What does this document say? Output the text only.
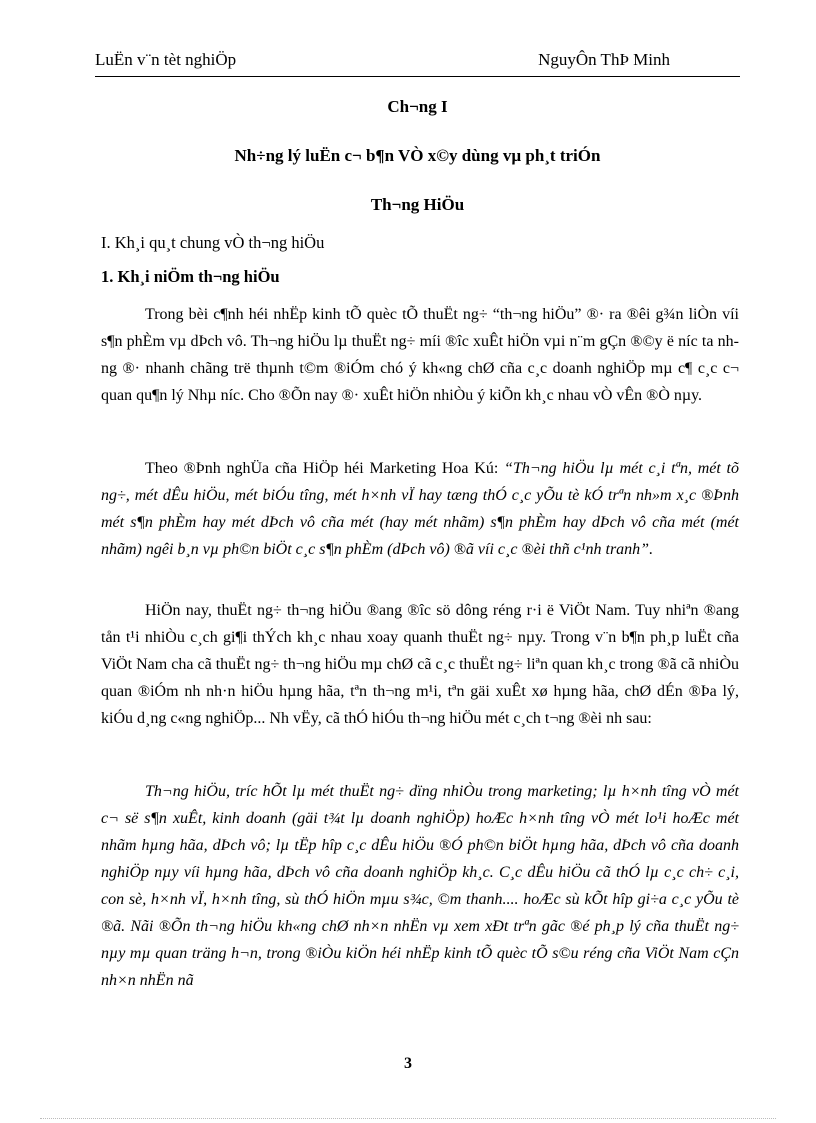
LuËn v¨n tèt nghiÖp	NguyÔn ThÞ Minh
Ch¬ng I
Nh÷ng lý luËn c¬ b¶n VÒ x©y dùng vµ ph¸t triÓn
Th¬ng HiÖu
I. Kh¸i qu¸t chung vÒ th¬ng hiÖu
1. Kh¸i niÖm th¬ng hiÖu

Trong bèi c¶nh héi nhËp kinh tÕ quèc tÕ thuËt ng÷ “th¬ng hiÖu” ®· ra ®êi g¾n liÒn víi s¶n phÈm vµ dÞch vô. Th¬ng hiÖu lµ thuËt ng÷ míi ®îc xuÊt hiÖn vµi n¨m gÇn ®©y ë níc ta nhng ®· nhanh chãng trë thµnh t©m ®iÓm chó ý kh«ng chØ cña c¸c doanh nghiÖp mµ c¶ c¸c c¬ quan qu¶n lý Nhµ níc. Cho ®Õn nay ®· xuÊt hiÖn nhiÒu ý kiÕn kh¸c nhau vÒ vÊn ®Ò nµy.

Theo ®Þnh nghÜa cña HiÖp héi Marketing Hoa Kú: “Th¬ng hiÖu lµ mét c¸i tªn, mét tõ ng÷, mét dÊu hiÖu, mét biÓu tîng, mét h×nh vÏ hay tæng thÓ c¸c yÕu tè kÓ trªn nh»m x¸c ®Þnh mét s¶n phÈm hay mét dÞch vô cña mét (hay mét nhãm) s¶n phÈm hay dÞch vô cña mét (mét nhãm) ngêi b¸n vµ ph©n biÖt c¸c s¶n phÈm (dÞch vô) ®ã víi c¸c ®èi thñ c¹nh tranh”.

HiÖn nay, thuËt ng÷ th¬ng hiÖu ®ang ®îc sö dông réng r·i ë ViÖt Nam. Tuy nhiªn ®ang tån t¹i nhiÒu c¸ch gi¶i thÝch kh¸c nhau xoay quanh thuËt ng÷ nµy. Trong v¨n b¶n ph¸p luËt cña ViÖt Nam cha cã thuËt ng÷ th¬ng hiÖu mµ chØ cã c¸c thuËt ng÷ liªn quan kh¸c trong ®ã cã nhiÒu quan ®iÓm nh nh·n hiÖu hµng hãa, tªn th¬ng m¹i, tªn gäi xuÊt xø hµng hãa, chØ dÉn ®Þa lý, kiÓu d¸ng c«ng nghiÖp... Nh vËy, cã thÓ hiÓu th¬ng hiÖu mét c¸ch t¬ng ®èi nh sau:

Th¬ng hiÖu, tríc hÕt lµ mét thuËt ng÷ dïng nhiÒu trong marketing; lµ h×nh tîng vÒ mét c¬ së s¶n xuÊt, kinh doanh (gäi t¾t lµ doanh nghiÖp) hoÆc h×nh tîng vÒ mét lo¹i hoÆc mét nhãm hµng hãa, dÞch vô; lµ tËp hîp c¸c dÊu hiÖu ®Ó ph©n biÖt hµng hãa, dÞch vô cña doanh nghiÖp nµy víi hµng hãa, dÞch vô cña doanh nghiÖp kh¸c. C¸c dÊu hiÖu cã thÓ lµ c¸c ch÷ c¸i, con sè, h×nh vÏ, h×nh tîng, sù thÓ hiÖn mµu s¾c, ©m thanh.... hoÆc sù kÕt hîp gi÷a c¸c yÕu tè ®ã. Nãi ®Õn th¬ng hiÖu kh«ng chØ nh×n nhËn vµ xem xÐt trªn gãc ®é ph¸p lý cña thuËt ng÷ nµy mµ quan träng h¬n, trong ®iÒu kiÖn héi nhËp kinh tÕ quèc tÕ s©u réng cña ViÖt Nam cÇn nh×n nhËn nã

3
